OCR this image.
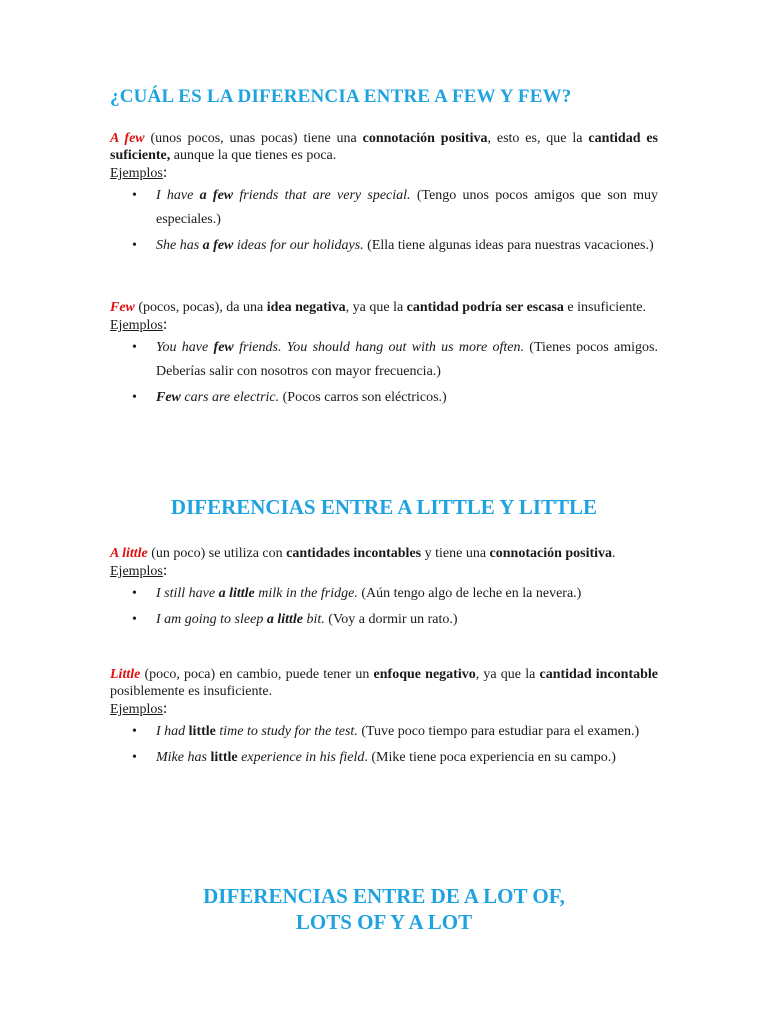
¿CUÁL ES LA DIFERENCIA ENTRE A FEW Y FEW?

A few (unos pocos, unas pocas) tiene una connotación positiva, esto es, que la cantidad es suficiente, aunque la que tienes es poca.

Ejemplos:
• I have a few friends that are very special. (Tengo unos pocos amigos que son muy especiales.)
• She has a few ideas for our holidays. (Ella tiene algunas ideas para nuestras vacaciones.)

Few (pocos, pocas), da una idea negativa, ya que la cantidad podría ser escasa e insuficiente.

Ejemplos:
• You have few friends. You should hang out with us more often. (Tienes pocos amigos. Deberías salir con nosotros con mayor frecuencia.)
• Few cars are electric. (Pocos carros son eléctricos.)
DIFERENCIAS ENTRE A LITTLE Y LITTLE

A little (un poco) se utiliza con cantidades incontables y tiene una connotación positiva.

Ejemplos:
• I still have a little milk in the fridge. (Aún tengo algo de leche en la nevera.)
• I am going to sleep a little bit. (Voy a dormir un rato.)

Little (poco, poca) en cambio, puede tener un enfoque negativo, ya que la cantidad incontable posiblemente es insuficiente.

Ejemplos:
• I had little time to study for the test. (Tuve poco tiempo para estudiar para el examen.)
• Mike has little experience in his field. (Mike tiene poca experiencia en su campo.)
DIFERENCIAS ENTRE DE A LOT OF,
LOTS OF Y A LOT
